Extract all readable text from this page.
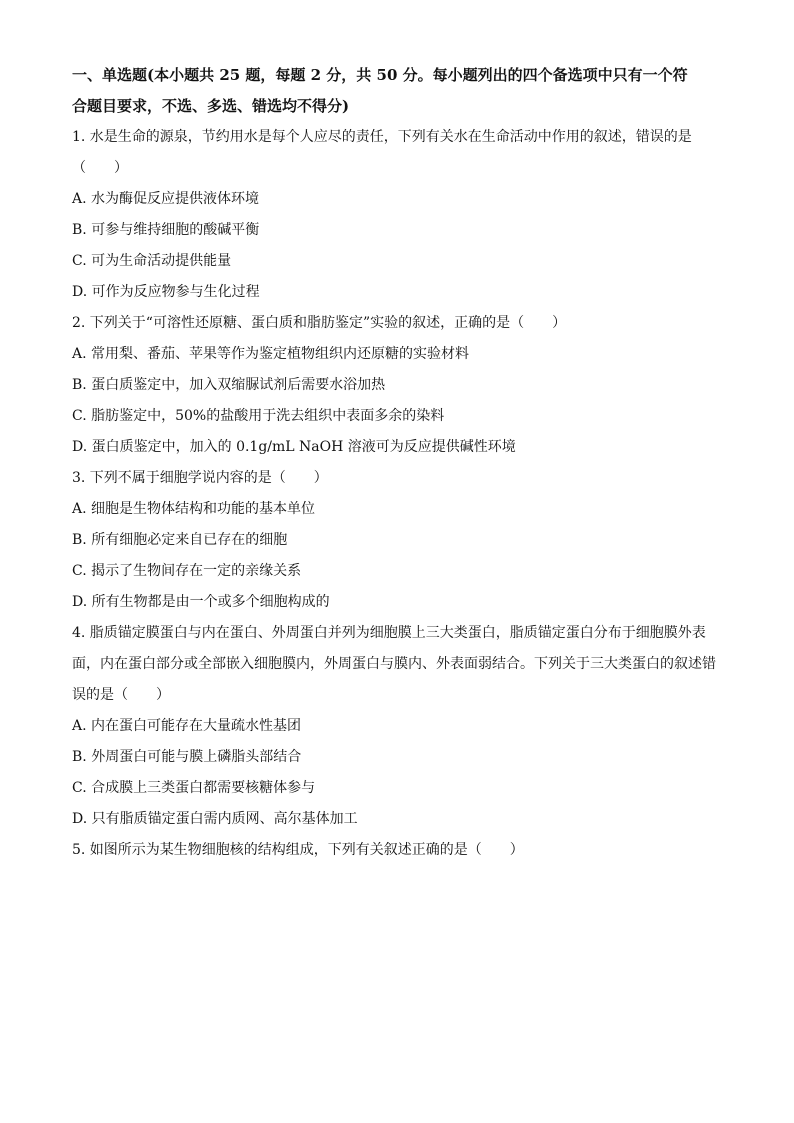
一、单选题(本小题共 25 题，每题 2 分，共 50 分。每小题列出的四个备选项中只有一个符

合题目要求，不选、多选、错选均不得分)

1. 水是生命的源泉，节约用水是每个人应尽的责任，下列有关水在生命活动中作用的叙述，错误的是

（　　）

A. 水为酶促反应提供液体环境

B. 可参与维持细胞的酸碱平衡

C. 可为生命活动提供能量

D. 可作为反应物参与生化过程

2. 下列关于“可溶性还原糖、蛋白质和脂肪鉴定”实验的叙述，正确的是（　　）

A. 常用梨、番茄、苹果等作为鉴定植物组织内还原糖的实验材料

B. 蛋白质鉴定中，加入双缩脲试剂后需要水浴加热

C. 脂肪鉴定中，50%的盐酸用于洗去组织中表面多余的染料

D. 蛋白质鉴定中，加入的 0.1g/mL NaOH 溶液可为反应提供碱性环境

3. 下列不属于细胞学说内容的是（　　）

A. 细胞是生物体结构和功能的基本单位

B. 所有细胞必定来自已存在的细胞

C. 揭示了生物间存在一定的亲缘关系

D. 所有生物都是由一个或多个细胞构成的

4. 脂质锚定膜蛋白与内在蛋白、外周蛋白并列为细胞膜上三大类蛋白，脂质锚定蛋白分布于细胞膜外表

面，内在蛋白部分或全部嵌入细胞膜内，外周蛋白与膜内、外表面弱结合。下列关于三大类蛋白的叙述错

误的是（　　）

A. 内在蛋白可能存在大量疏水性基团

B. 外周蛋白可能与膜上磷脂头部结合

C. 合成膜上三类蛋白都需要核糖体参与

D. 只有脂质锚定蛋白需内质网、高尔基体加工

5. 如图所示为某生物细胞核的结构组成，下列有关叙述正确的是（　　）
